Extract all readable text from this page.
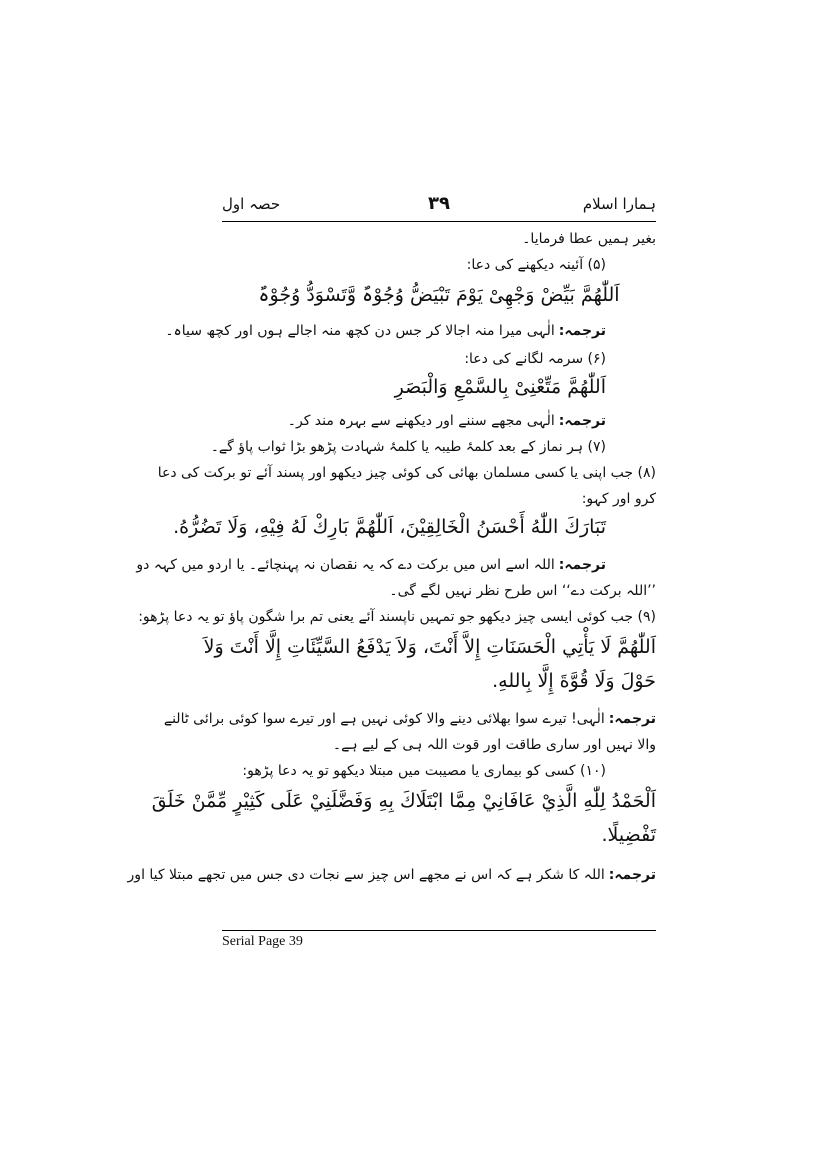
حصہ اول	۳۹	ہمارا اسلام
بغیر ہمیں عطا فرمایا۔
(۵) آئینہ دیکھنے کی دعا:
اَللّٰھُمَّ بَیِّضْ وَجْھِیْ یَوْمَ تَبْیَضُّ وُجُوْہٌ وَّتَسْوَدُّ وُجُوْہٌ
ترجمہ:الٰہی میرا منہ اجالا کر جس دن کچھ منہ اجالے ہوں اور کچھ سیاہ۔
(۶) سرمہ لگانے کی دعا:
اَللّٰھُمَّ مَتِّعْنِیْ بِالسَّمْعِ وَالْبَصَرِ
ترجمہ:الٰہی مجھے سننے اور دیکھنے سے بہرہ مند کر۔
(۷) ہر نماز کے بعد کلمۂ طیبہ یا کلمۂ شہادت پڑھو بڑا ثواب پاؤ گے۔
(۸) جب اپنی یا کسی مسلمان بھائی کی کوئی چیز دیکھو اور پسند آئے تو برکت کی دعا
کرو اور کہو:
تَبَارَكَ اللّٰهُ أَحْسَنُ الْخَالِقِيْنَ، اَللّٰهُمَّ بَارِكْ لَهُ فِيْهِ، وَلَا تَضُرُّهُ.
ترجمہ:اللہ اسے اس میں برکت دے کہ یہ نقصان نہ پہنچائے۔ یا اردو میں کہہ دو
’’اللہ برکت دے‘‘ اس طرح نظر نہیں لگے گی۔
(۹) جب کوئی ایسی چیز دیکھو جو تمہیں ناپسند آئے یعنی تم برا شگون پاؤ تو یہ دعا پڑھو:
اَللّٰهُمَّ لَا يَأْتِي الْحَسَنَاتِ إِلاَّ أَنْتَ، وَلاَ يَدْفَعُ السَّيِّئَاتِ إِلَّا أَنْتَ وَلاَ
حَوْلَ وَلَا قُوَّةَ إِلَّا بِاللهِ.
ترجمہ:الٰہی! تیرے سوا بھلائی دینے والا کوئی نہیں ہے اور تیرے سوا کوئی برائی ٹالنے
والا نہیں اور ساری طاقت اور قوت اللہ ہی کے لیے ہے۔
(۱۰) کسی کو بیماری یا مصیبت میں مبتلا دیکھو تو یہ دعا پڑھو:
اَلْحَمْدُ لِلّٰهِ الَّذِيْ عَافَانِيْ مِمَّا ابْتَلَاكَ بِهِ وَفَضَّلَنِيْ عَلَى كَثِيْرٍ مِّمَّنْ خَلَقَ
تَفْضِيلًا.
ترجمہ:اللہ کا شکر ہے کہ اس نے مجھے اس چیز سے نجات دی جس میں تجھے مبتلا کیا اور
Serial Page 39
